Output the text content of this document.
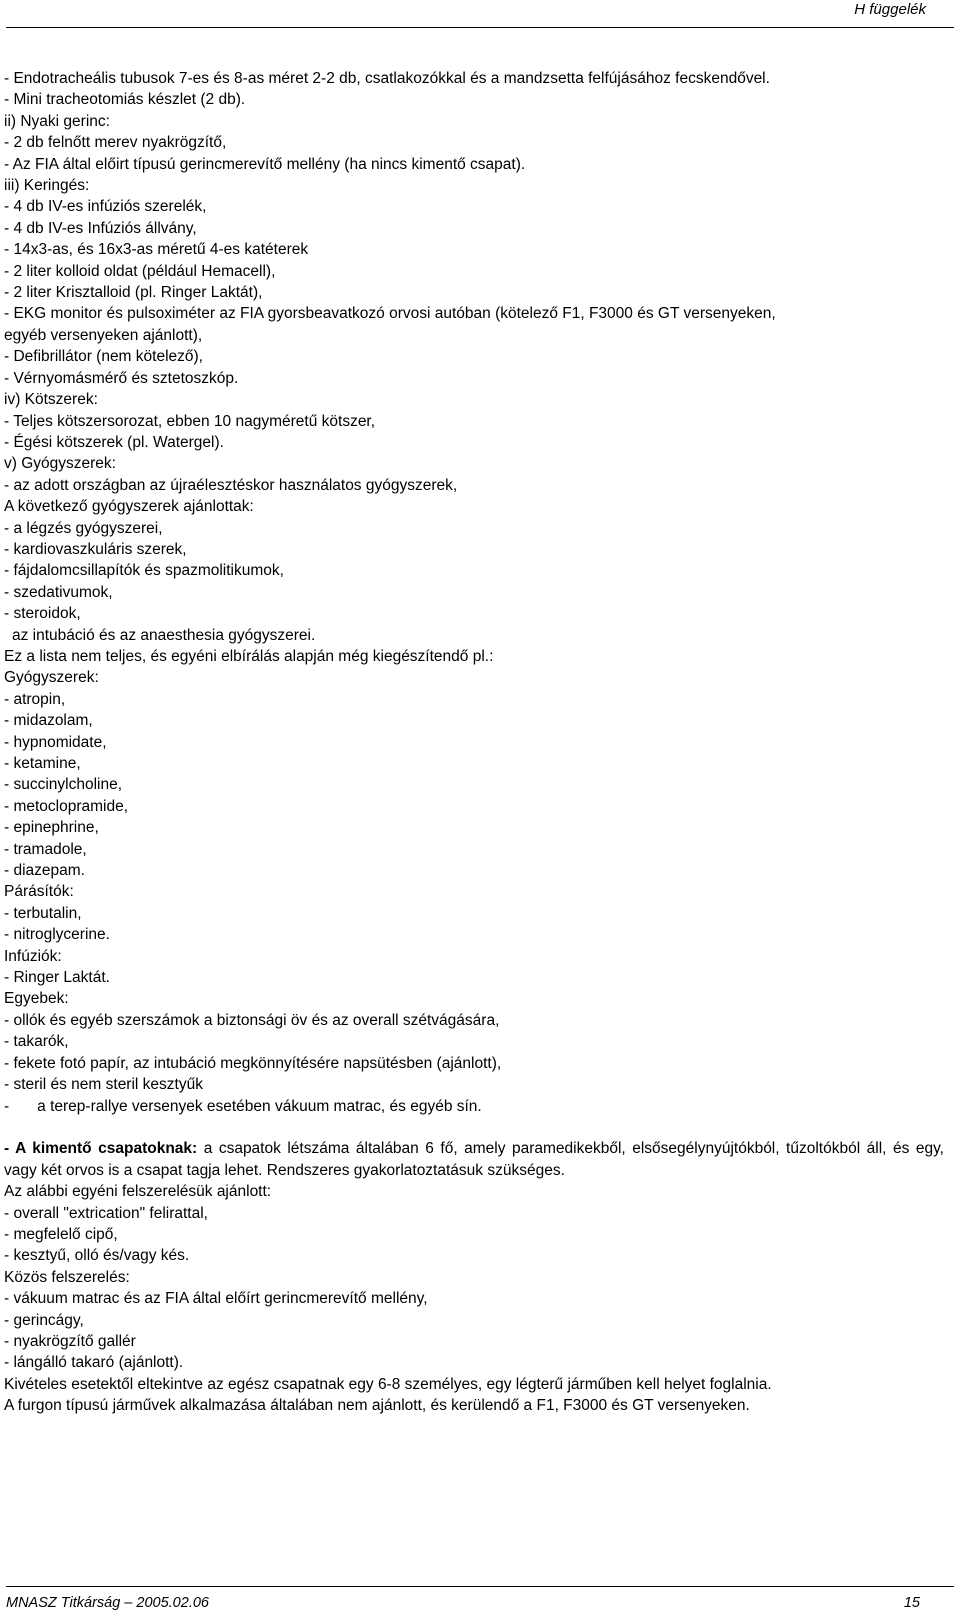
H függelék
- Endotracheális tubusok 7-es és 8-as méret 2-2 db, csatlakozókkal és a mandzsetta felfújásához fecskendővel.
- Mini tracheotomiás készlet (2 db).
ii) Nyaki gerinc:
- 2 db felnőtt merev nyakrögzítő,
- Az FIA által előirt típusú gerincmerevítő mellény (ha nincs kimentő csapat).
iii) Keringés:
- 4 db IV-es infúziós szerelék,
- 4 db IV-es Infúziós állvány,
- 14x3-as, és 16x3-as méretű 4-es katéterek
- 2 liter kolloid oldat (például Hemacell),
- 2 liter Krisztalloid (pl. Ringer Laktát),
- EKG monitor és pulsoximéter az FIA gyorsbeavatkozó orvosi autóban (kötelező F1, F3000 és GT versenyeken,
egyéb versenyeken ajánlott),
- Defibrillátor (nem kötelező),
- Vérnyomásmérő és sztetoszkóp.
iv) Kötszerek:
- Teljes kötszersorozat, ebben 10 nagyméretű kötszer,
- Égési kötszerek (pl. Watergel).
v) Gyógyszerek:
- az adott országban az újraélesztéskor használatos gyógyszerek,
A következő gyógyszerek ajánlottak:
- a légzés gyógyszerei,
- kardiovaszkuláris szerek,
- fájdalomcsillapítók és spazmolitikumok,
- szedativumok,
- steroidok,
az intubáció és az anaesthesia gyógyszerei.
Ez a lista nem teljes, és egyéni elbírálás alapján még kiegészítendő pl.:
Gyógyszerek:
- atropin,
- midazolam,
- hypnomidate,
- ketamine,
- succinylcholine,
- metoclopramide,
- epinephrine,
- tramadole,
- diazepam.
Párásítók:
- terbutalin,
- nitroglycerine.
Infúziók:
- Ringer Laktát.
Egyebek:
- ollók és egyéb szerszámok a biztonsági öv és az overall szétvágására,
- takarók,
- fekete fotó papír, az intubáció megkönnyítésére napsütésben (ajánlott),
- steril és nem steril kesztyűk
- a terep-rallye versenyek esetében vákuum matrac, és egyéb sín.
- A kimentő csapatoknak: a csapatok létszáma általában 6 fő, amely paramedikekből, elsősegélynyújtókból, tűzoltókból áll, és egy, vagy két orvos is a csapat tagja lehet. Rendszeres gyakorlatoztatásuk szükséges.
Az alábbi egyéni felszerelésük ajánlott:
- overall "extrication" felirattal,
- megfelelő cipő,
- kesztyű, olló és/vagy kés.
Közös felszerelés:
- vákuum matrac és az FIA által előírt gerincmerevítő mellény,
- gerincágy,
- nyakrögzítő gallér
- lángálló takaró (ajánlott).
Kivételes esetektől eltekintve az egész csapatnak egy 6-8 személyes, egy légterű járműben kell helyet foglalnia.
A furgon típusú járművek alkalmazása általában nem ajánlott, és kerülendő a F1, F3000 és GT versenyeken.
MNASZ Titkárság – 2005.02.06	15
